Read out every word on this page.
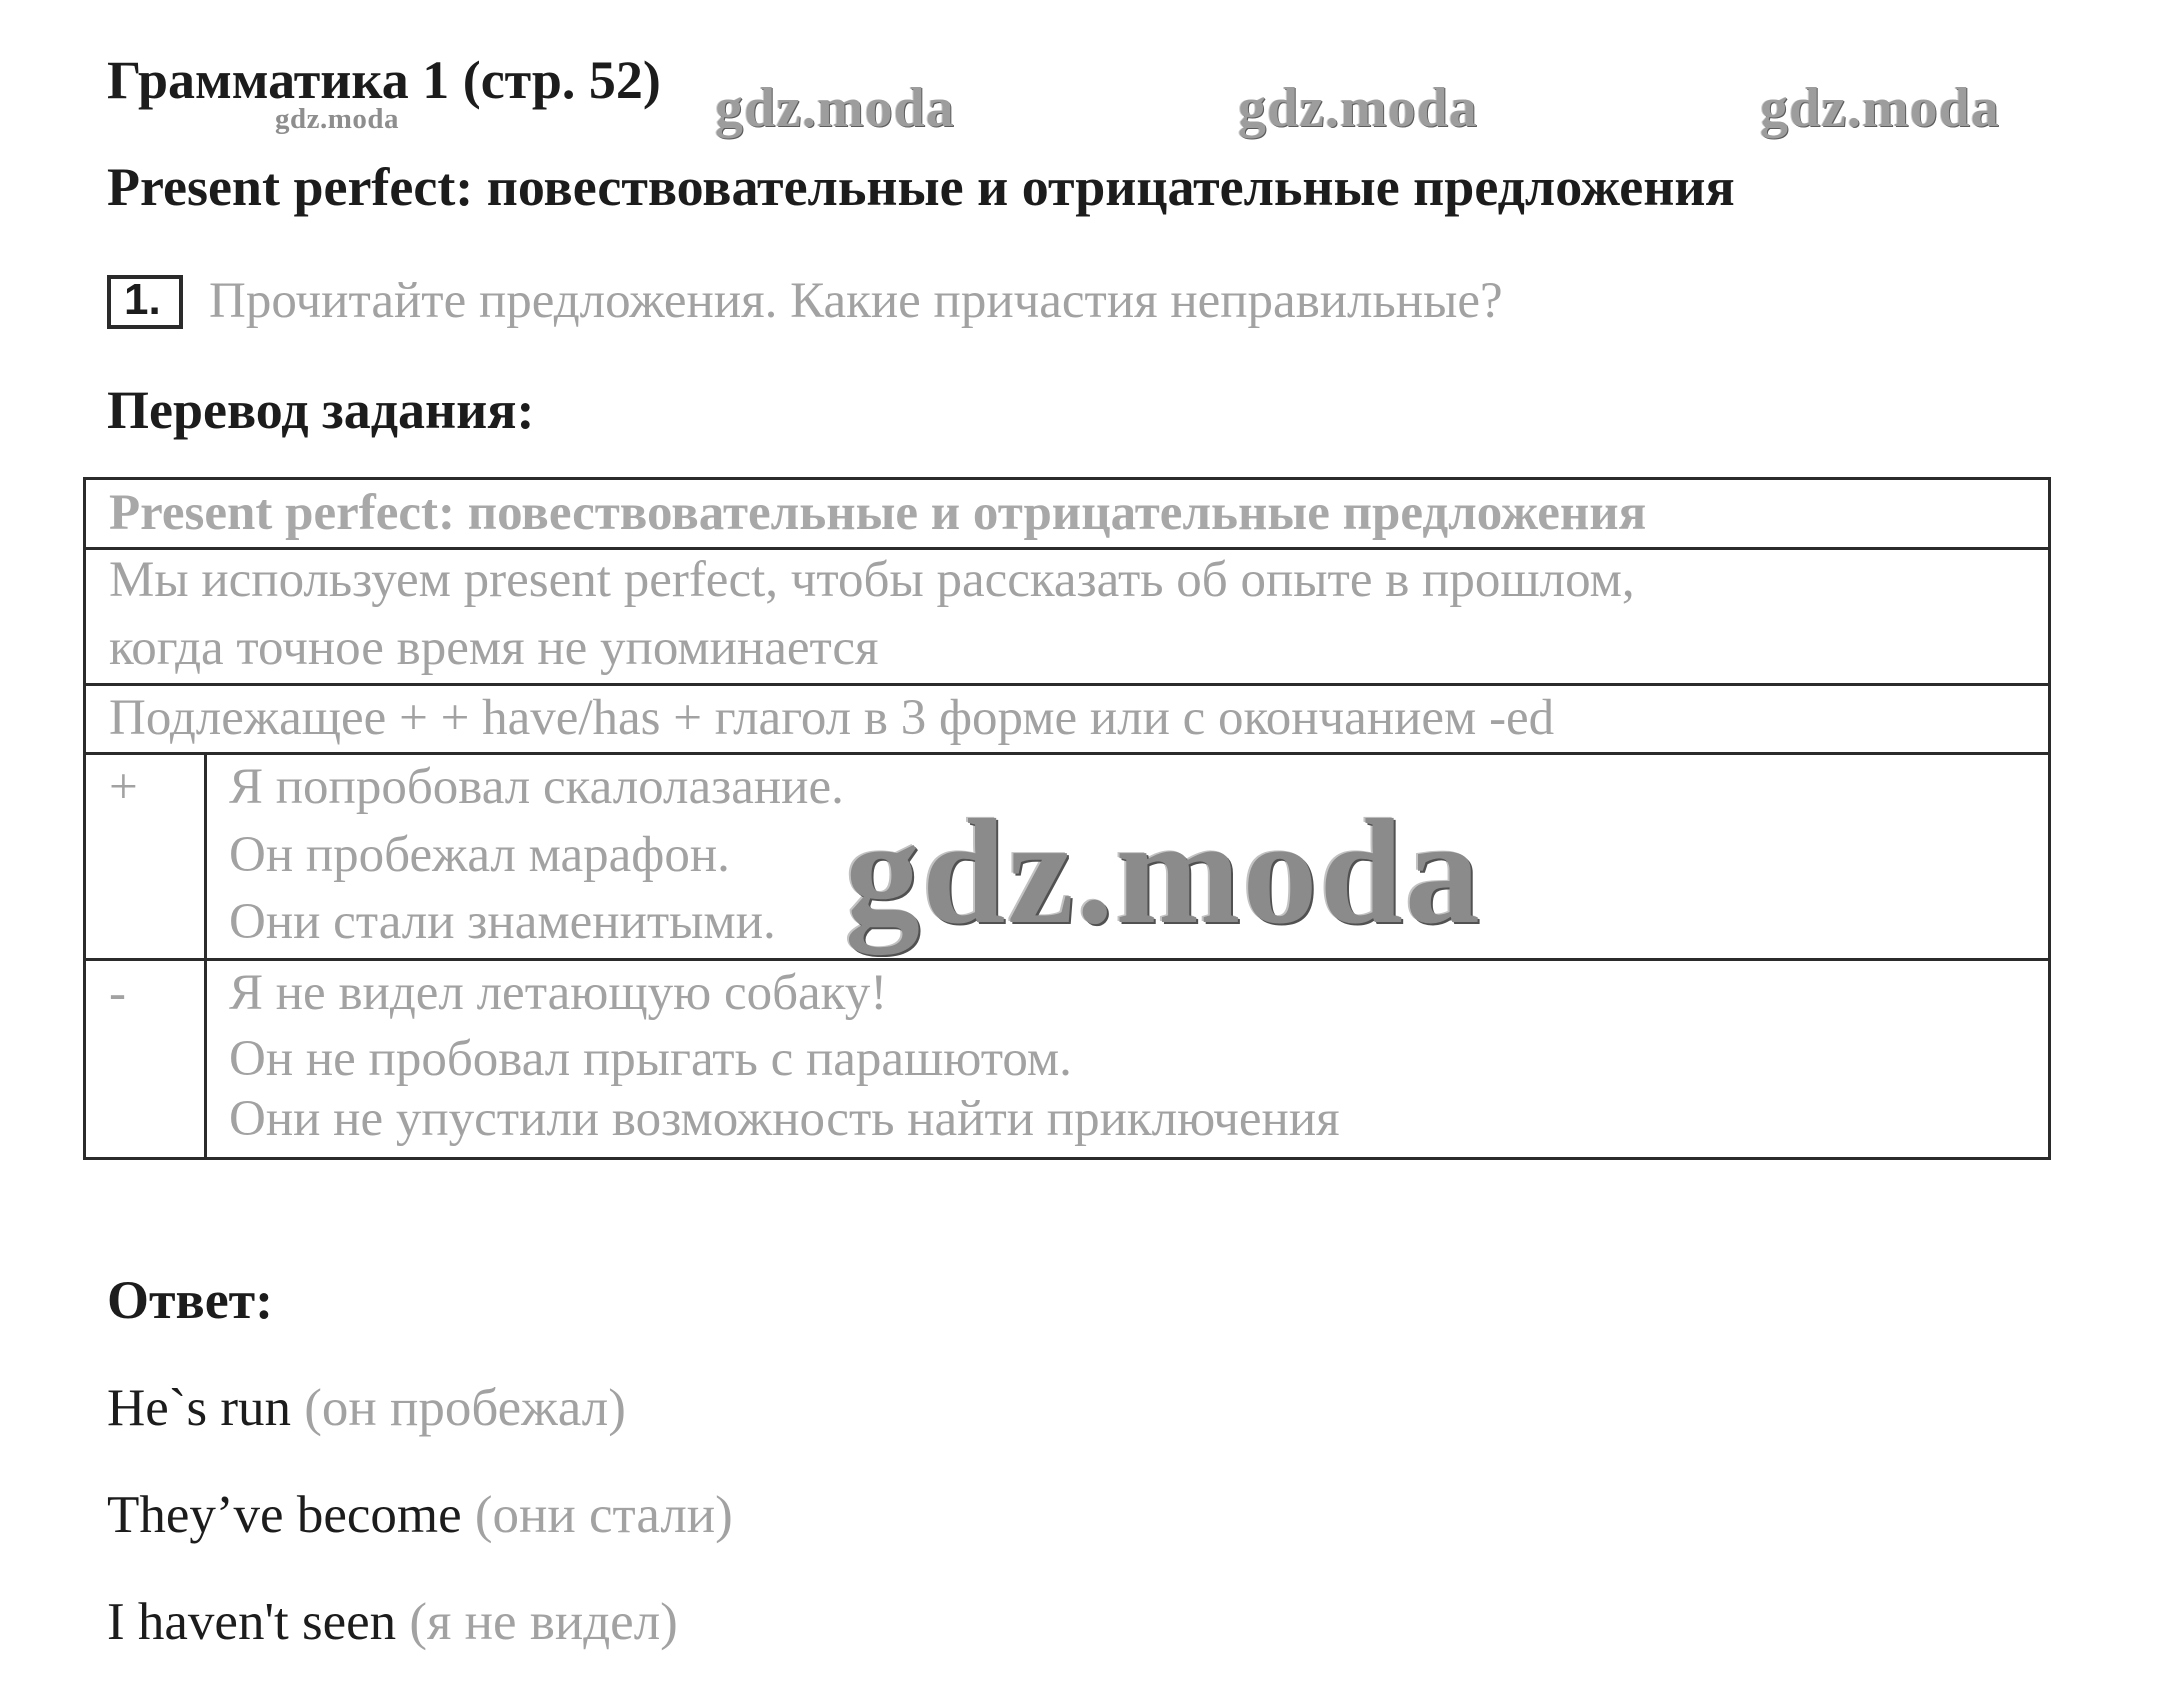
Грамматика 1 (стр. 52)
gdz.moda	gdz.moda	gdz.moda	gdz.moda
Present perfect: повествовательные и отрицательные предложения
1. Прочитайте предложения. Какие причастия неправильные?
Перевод задания:
Present perfect: повествовательные и отрицательные предложения
Мы используем present perfect, чтобы рассказать об опыте в прошлом,
когда точное время не упоминается
Подлежащее + + have/has + глагол в 3 форме или с окончанием -ed
+ Я попробовал скалолазание.
Он пробежал марафон.
Они стали знаменитыми.
- Я не видел летающую собаку!
Он не пробовал прыгать с парашютом.
Они не упустили возможность найти приключения
gdz.moda
Ответ:
He`s run (он пробежал)
They’ve become (они стали)
I haven't seen (я не видел)
